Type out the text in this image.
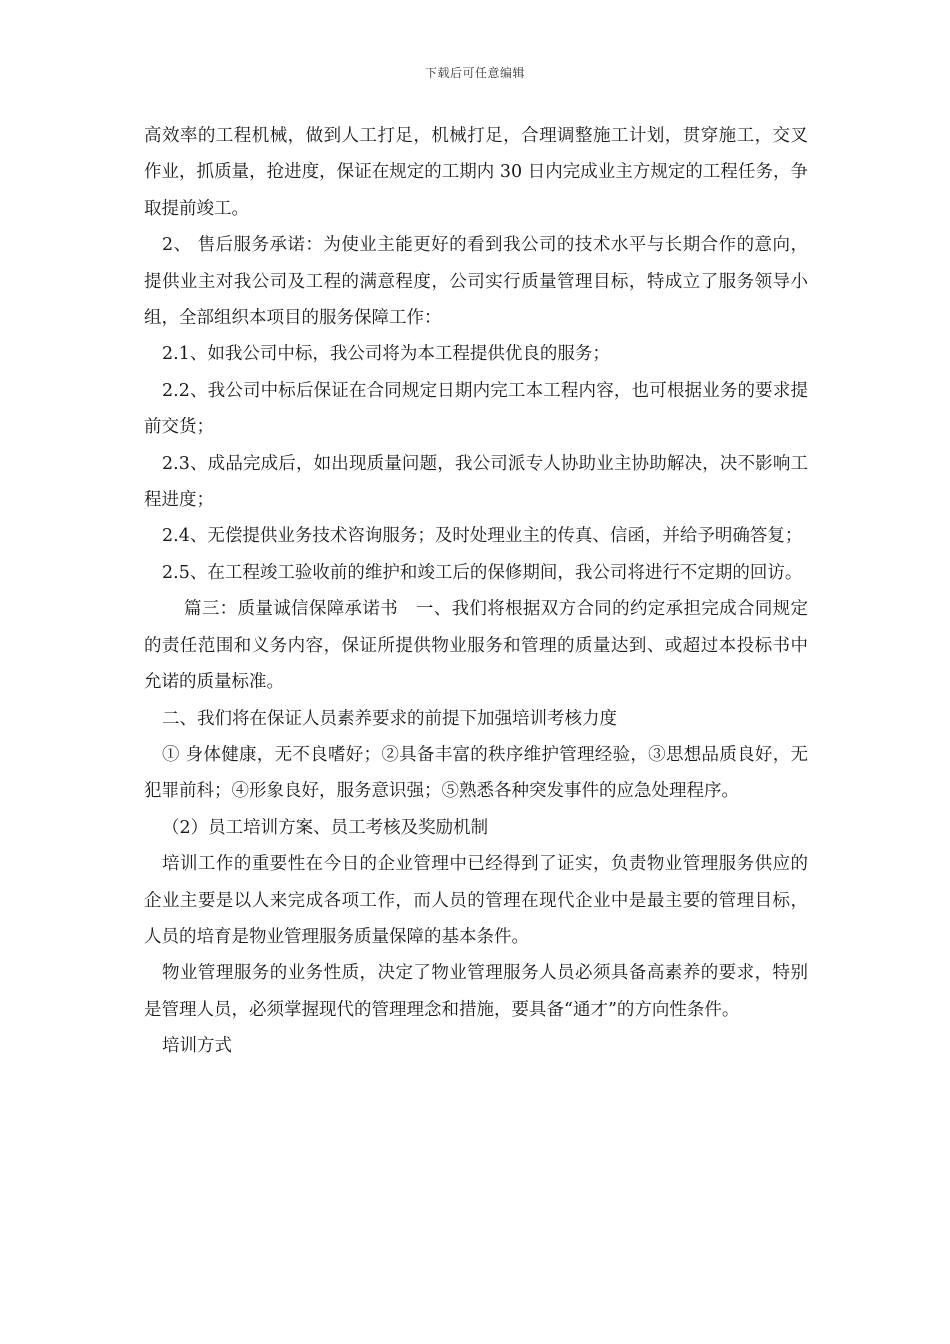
下载后可任意编辑

高效率的工程机械，做到人工打足，机械打足，合理调整施工计划，贯穿施工，交叉作业，抓质量，抢进度，保证在规定的工期内 30 日内完成业主方规定的工程任务，争取提前竣工。

2、 售后服务承诺：为使业主能更好的看到我公司的技术水平与长期合作的意向，提供业主对我公司及工程的满意程度，公司实行质量管理目标，特成立了服务领导小组，全部组织本项目的服务保障工作：

2.1、如我公司中标，我公司将为本工程提供优良的服务；

2.2、我公司中标后保证在合同规定日期内完工本工程内容，也可根据业务的要求提前交货；

2.3、成品完成后，如出现质量问题，我公司派专人协助业主协助解决，决不影响工程进度；

2.4、无偿提供业务技术咨询服务；及时处理业主的传真、信函，并给予明确答复；

2.5、在工程竣工验收前的维护和竣工后的保修期间，我公司将进行不定期的回访。

篇三：质量诚信保障承诺书　一、我们将根据双方合同的约定承担完成合同规定的责任范围和义务内容，保证所提供物业服务和管理的质量达到、或超过本投标书中允诺的质量标准。

二、我们将在保证人员素养要求的前提下加强培训考核力度

① 身体健康，无不良嗜好；②具备丰富的秩序维护管理经验，③思想品质良好，无犯罪前科；④形象良好，服务意识强；⑤熟悉各种突发事件的应急处理程序。

（2）员工培训方案、员工考核及奖励机制

培训工作的重要性在今日的企业管理中已经得到了证实，负责物业管理服务供应的企业主要是以人来完成各项工作，而人员的管理在现代企业中是最主要的管理目标，人员的培育是物业管理服务质量保障的基本条件。

物业管理服务的业务性质，决定了物业管理服务人员必须具备高素养的要求，特别是管理人员，必须掌握现代的管理理念和措施，要具备“通才”的方向性条件。

培训方式
